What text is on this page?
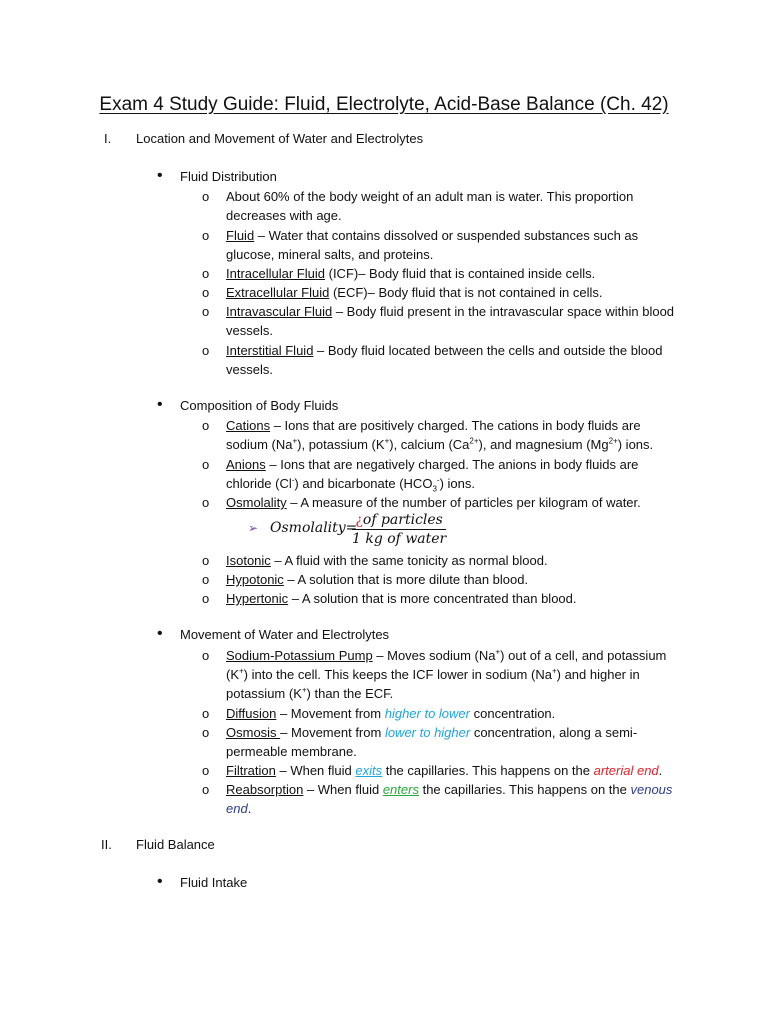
Exam 4 Study Guide: Fluid, Electrolyte, Acid-Base Balance (Ch. 42)
I. Location and Movement of Water and Electrolytes
• Fluid Distribution
o About 60% of the body weight of an adult man is water. This proportion decreases with age.
o Fluid – Water that contains dissolved or suspended substances such as glucose, mineral salts, and proteins.
o Intracellular Fluid (ICF)– Body fluid that is contained inside cells.
o Extracellular Fluid (ECF)– Body fluid that is not contained in cells.
o Intravascular Fluid – Body fluid present in the intravascular space within blood vessels.
o Interstitial Fluid – Body fluid located between the cells and outside the blood vessels.
• Composition of Body Fluids
o Cations – Ions that are positively charged. The cations in body fluids are sodium (Na+), potassium (K+), calcium $(Ca^{2+})$, and magnesium $(Mg^{2+})$ ions.
o Anions – Ions that are negatively charged. The anions in body fluids are chloride (Cl-) and bicarbonate $(HCO_3^-)$ ions.
o Osmolality – A measure of the number of particles per kilogram of water.
➢ Osmolality=
¿of particles
1 kg of water
o Isotonic – A fluid with the same tonicity as normal blood.
o Hypotonic – A solution that is more dilute than blood.
o Hypertonic – A solution that is more concentrated than blood.
• Movement of Water and Electrolytes
o Sodium-Potassium Pump – Moves sodium (Na+) out of a cell, and potassium (K+) into the cell. This keeps the ICF lower in sodium (Na+) and higher in potassium (K+) than the ECF.
o Diffusion – Movement from higher to lower concentration.
o Osmosis – Movement from lower to higher concentration, along a semi-permeable membrane.
o Filtration – When fluid exits the capillaries. This happens on the arterial end.
o Reabsorption – When fluid enters the capillaries. This happens on the venous end.
II. Fluid Balance
• Fluid Intake
